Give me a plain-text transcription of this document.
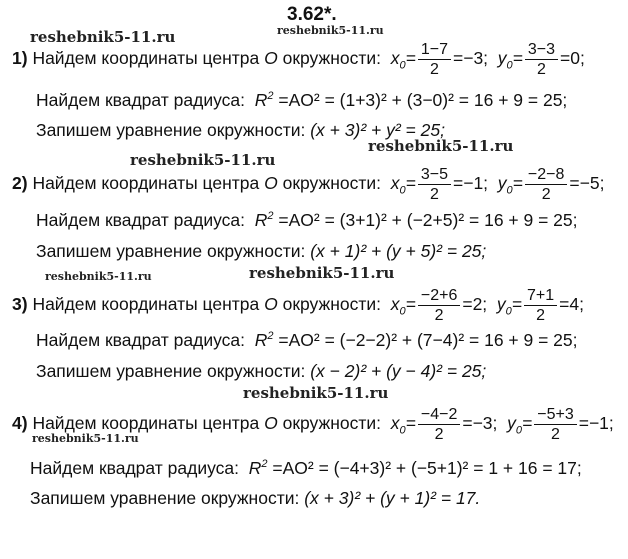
3.62*.
reshebnik5-11.ru
reshebnik5-11.ru
reshebnik5-11.ru
reshebnik5-11.ru
reshebnik5-11.ru	reshebnik5-11.ru
reshebnik5-11.ru
reshebnik5-11.ru
1) Найдем координаты центра O окружности:  $x_0= \frac{1-7}{2} =-3$;  $y_0= \frac{3-3}{2} =0$;
Найдем квадрат радиуса:  $R^2 =AO^2 = (1+3)^2 + (3-0)^2 = 16 + 9 = 25$;
Запишем уравнение окружности: (x + 3)² + y² = 25;
2) Найдем координаты центра O окружности:  $x_0= \frac{3-5}{2} =-1$;  $y_0= \frac{-2-8}{2} =-5$;
Найдем квадрат радиуса:  $R^2 =AO^2 = (3+1)^2 + (-2+5)^2 = 16 + 9 = 25$;
Запишем уравнение окружности: (x + 1)² + (y + 5)² = 25;
3) Найдем координаты центра O окружности:  $x_0= \frac{-2+6}{2} =2$;  $y_0= \frac{7+1}{2} =4$;
Найдем квадрат радиуса:  $R^2 =AO^2 = (-2-2)^2 + (7-4)^2 = 16 + 9 = 25$;
Запишем уравнение окружности: (x − 2)² + (y − 4)² = 25;
4) Найдем координаты центра O окружности:  $x_0= \frac{-4-2}{2} =-3$;  $y_0= \frac{-5+3}{2} =-1$;
Найдем квадрат радиуса:  $R^2 =AO^2 = (-4+3)^2 + (-5+1)^2 = 1 + 16 = 17$;
Запишем уравнение окружности: (x + 3)² + (y + 1)² = 17.
